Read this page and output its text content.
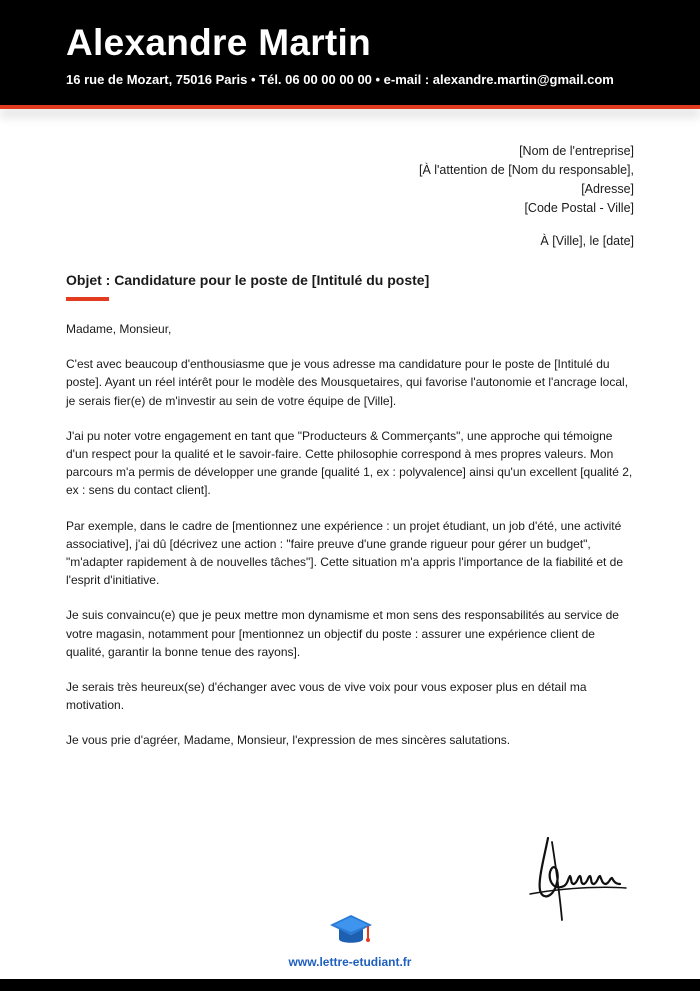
Alexandre Martin
16 rue de Mozart, 75016 Paris • Tél. 06 00 00 00 00 • e-mail : alexandre.martin@gmail.com
[Nom de l'entreprise]
[À l'attention de [Nom du responsable],
[Adresse]
[Code Postal - Ville]
À [Ville], le [date]
Objet : Candidature pour le poste de [Intitulé du poste]

Madame, Monsieur,

C'est avec beaucoup d'enthousiasme que je vous adresse ma candidature pour le poste de [Intitulé du poste]. Ayant un réel intérêt pour le modèle des Mousquetaires, qui favorise l'autonomie et l'ancrage local, je serais fier(e) de m'investir au sein de votre équipe de [Ville].

J'ai pu noter votre engagement en tant que "Producteurs & Commerçants", une approche qui témoigne d'un respect pour la qualité et le savoir-faire. Cette philosophie correspond à mes propres valeurs. Mon parcours m'a permis de développer une grande [qualité 1, ex : polyvalence] ainsi qu'un excellent [qualité 2, ex : sens du contact client].

Par exemple, dans le cadre de [mentionnez une expérience : un projet étudiant, un job d'été, une activité associative], j'ai dû [décrivez une action : "faire preuve d'une grande rigueur pour gérer un budget", "m'adapter rapidement à de nouvelles tâches"]. Cette situation m'a appris l'importance de la fiabilité et de l'esprit d'initiative.

Je suis convaincu(e) que je peux mettre mon dynamisme et mon sens des responsabilités au service de votre magasin, notamment pour [mentionnez un objectif du poste : assurer une expérience client de qualité, garantir la bonne tenue des rayons].

Je serais très heureux(se) d'échanger avec vous de vive voix pour vous exposer plus en détail ma motivation.

Je vous prie d'agréer, Madame, Monsieur, l'expression de mes sincères salutations.

www.lettre-etudiant.fr
